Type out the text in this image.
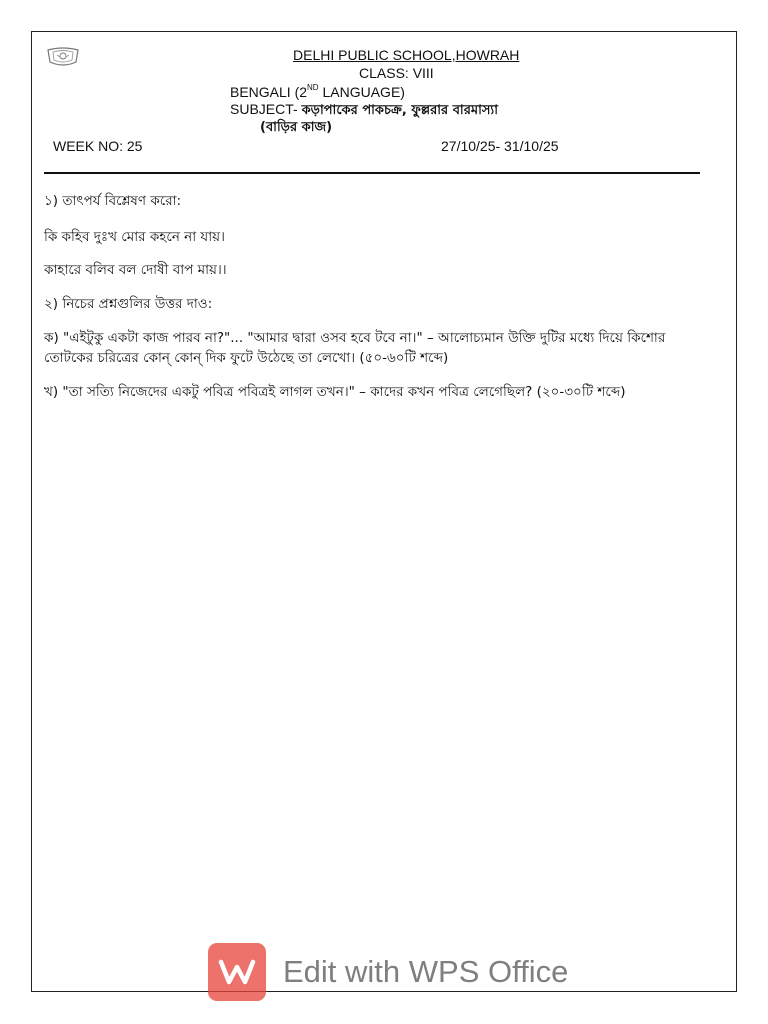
DELHI PUBLIC SCHOOL,HOWRAH
CLASS: VIII
BENGALI (2ND LANGUAGE)
SUBJECT- কড়াপাকের পাকচক্র, ফুল্লরার বারমাস্যা
(বাড়ির কাজ)
WEEK NO: 25	27/10/25- 31/10/25
১) তাৎপর্য বিশ্লেষণ করো:
কি কহিব দুঃখ মোর কহনে না যায়।
কাহারে বলিব বল দোষী বাপ মায়।।
২) নিচের প্রশ্নগুলির উত্তর দাও:
ক) "এইটুকু একটা কাজ পারব না?"... "আমার দ্বারা ওসব হবে টবে না।" – আলোচ্যমান উক্তি দুটির মধ্যে দিয়ে কিশোর তোটকের চরিত্রের কোন্ কোন্ দিক ফুটে উঠেছে তা লেখো। (৫০-৬০টি শব্দে)
খ) "তা সত্যি নিজেদের একটু পবিত্র পবিত্রই লাগল তখন।" – কাদের কখন পবিত্র লেগেছিল? (২০-৩০টি শব্দে)
Edit with WPS Office
